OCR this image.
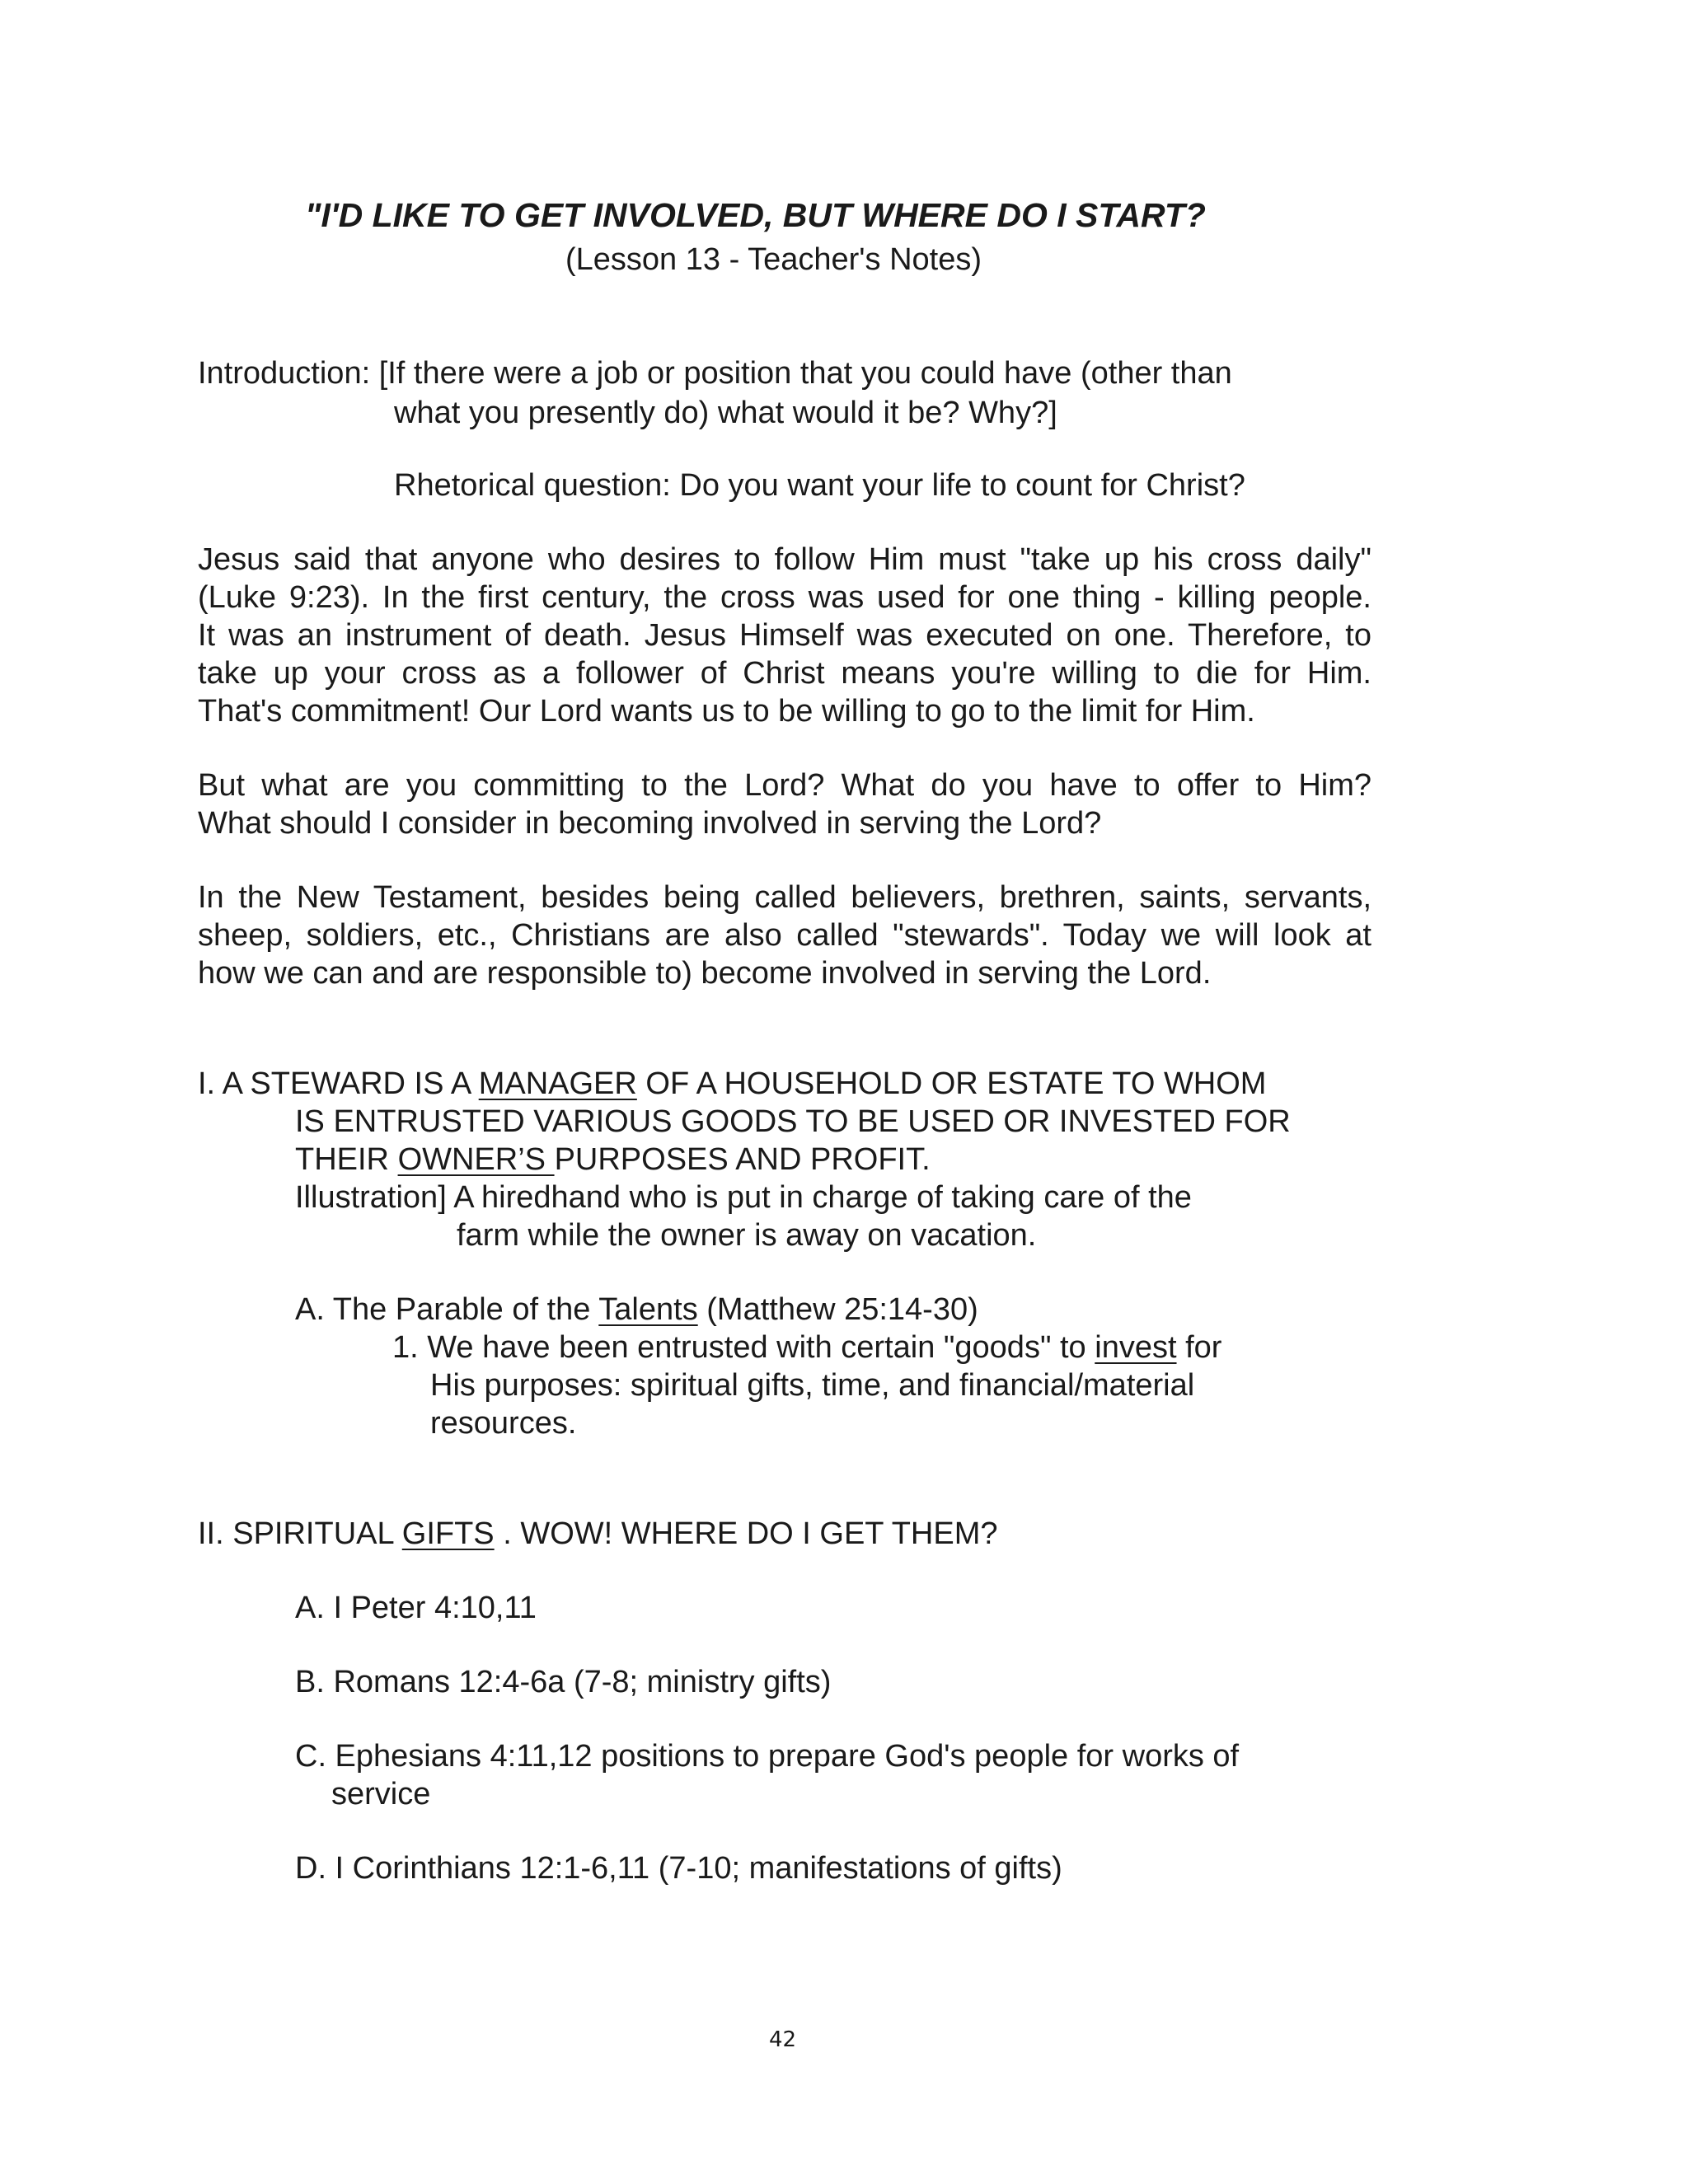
"I'D LIKE TO GET INVOLVED, BUT WHERE DO I START?
(Lesson 13 - Teacher's Notes)
Introduction: [If there were a job or position that you could have (other than
what you presently do) what would it be? Why?]
Rhetorical question: Do you want your life to count for Christ?
Jesus said that anyone who desires to follow Him must "take up his cross daily"
(Luke 9:23). In the first century, the cross was used for one thing - killing people.
It was an instrument of death. Jesus Himself was executed on one. Therefore, to
take up your cross as a follower of Christ means you're willing to die for Him.
That's commitment! Our Lord wants us to be willing to go to the limit for Him.
But what are you committing to the Lord? What do you have to offer to Him?
What should I consider in becoming involved in serving the Lord?
In the New Testament, besides being called believers, brethren, saints, servants,
sheep, soldiers, etc., Christians are also called "stewards". Today we will look at
how we can and are responsible to) become involved in serving the Lord.
I. A STEWARD IS A MANAGER OF A HOUSEHOLD OR ESTATE TO WHOM
IS ENTRUSTED VARIOUS GOODS TO BE USED OR INVESTED FOR
THEIR OWNER’S PURPOSES AND PROFIT.
Illustration] A hiredhand who is put in charge of taking care of the
farm while the owner is away on vacation.
A. The Parable of the Talents (Matthew 25:14-30)
1. We have been entrusted with certain "goods" to invest for
His purposes: spiritual gifts, time, and financial/material
resources.
II. SPIRITUAL GIFTS . WOW! WHERE DO I GET THEM?
A. I Peter 4:10,11
B. Romans 12:4-6a (7-8; ministry gifts)
C. Ephesians 4:11,12 positions to prepare God's people for works of
service
D. I Corinthians 12:1-6,11 (7-10; manifestations of gifts)
42
